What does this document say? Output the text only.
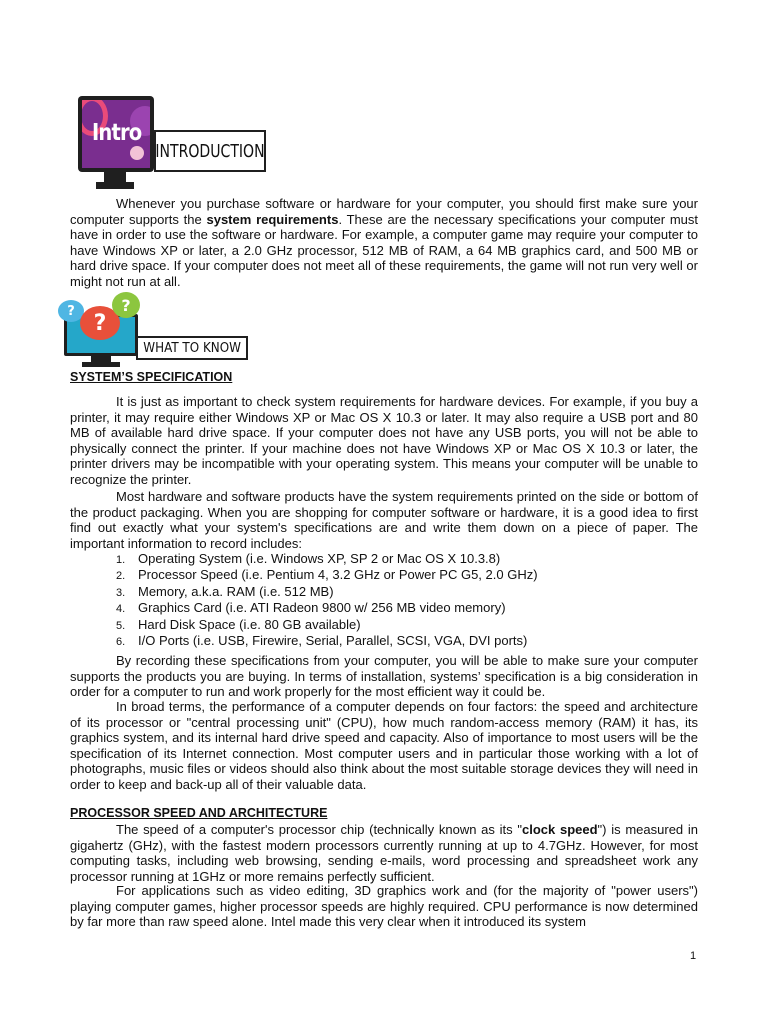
Intro
INTRODUCTION

Whenever you purchase software or hardware for your computer, you should first make sure your computer supports the system requirements. These are the necessary specifications your computer must have in order to use the software or hardware. For example, a computer game may require your computer to have Windows XP or later, a 2.0 GHz processor, 512 MB of RAM, a 64 MB graphics card, and 500 MB or hard drive space. If your computer does not meet all of these requirements, the game will not run very well or might not run at all.

? ?
?
WHAT TO KNOW
SYSTEM’S SPECIFICATION

It is just as important to check system requirements for hardware devices. For example, if you buy a printer, it may require either Windows XP or Mac OS X 10.3 or later. It may also require a USB port and 80 MB of available hard drive space. If your computer does not have any USB ports, you will not be able to physically connect the printer. If your machine does not have Windows XP or Mac OS X 10.3 or later, the printer drivers may be incompatible with your operating system. This means your computer will be unable to recognize the printer.

Most hardware and software products have the system requirements printed on the side or bottom of the product packaging. When you are shopping for computer software or hardware, it is a good idea to first find out exactly what your system's specifications are and write them down on a piece of paper. The important information to record includes:

1. Operating System (i.e. Windows XP, SP 2 or Mac OS X 10.3.8)
2. Processor Speed (i.e. Pentium 4, 3.2 GHz or Power PC G5, 2.0 GHz)
3. Memory, a.k.a. RAM (i.e. 512 MB)
4. Graphics Card (i.e. ATI Radeon 9800 w/ 256 MB video memory)
5. Hard Disk Space (i.e. 80 GB available)
6. I/O Ports (i.e. USB, Firewire, Serial, Parallel, SCSI, VGA, DVI ports)

By recording these specifications from your computer, you will be able to make sure your computer supports the products you are buying. In terms of installation, systems’ specification is a big consideration in order for a computer to run and work properly for the most efficient way it could be.

In broad terms, the performance of a computer depends on four factors: the speed and architecture of its processor or "central processing unit" (CPU), how much random-access memory (RAM) it has, its graphics system, and its internal hard drive speed and capacity. Also of importance to most users will be the specification of its Internet connection. Most computer users and in particular those working with a lot of photographs, music files or videos should also think about the most suitable storage devices they will need in order to keep and back-up all of their valuable data.

PROCESSOR SPEED AND ARCHITECTURE

The speed of a computer's processor chip (technically known as its "clock speed") is measured in gigahertz (GHz), with the fastest modern processors currently running at up to 4.7GHz. However, for most computing tasks, including web browsing, sending e-mails, word processing and spreadsheet work any processor running at 1GHz or more remains perfectly sufficient.

For applications such as video editing, 3D graphics work and (for the majority of "power users") playing computer games, higher processor speeds are highly required. CPU performance is now determined by far more than raw speed alone. Intel made this very clear when it introduced its system

1
